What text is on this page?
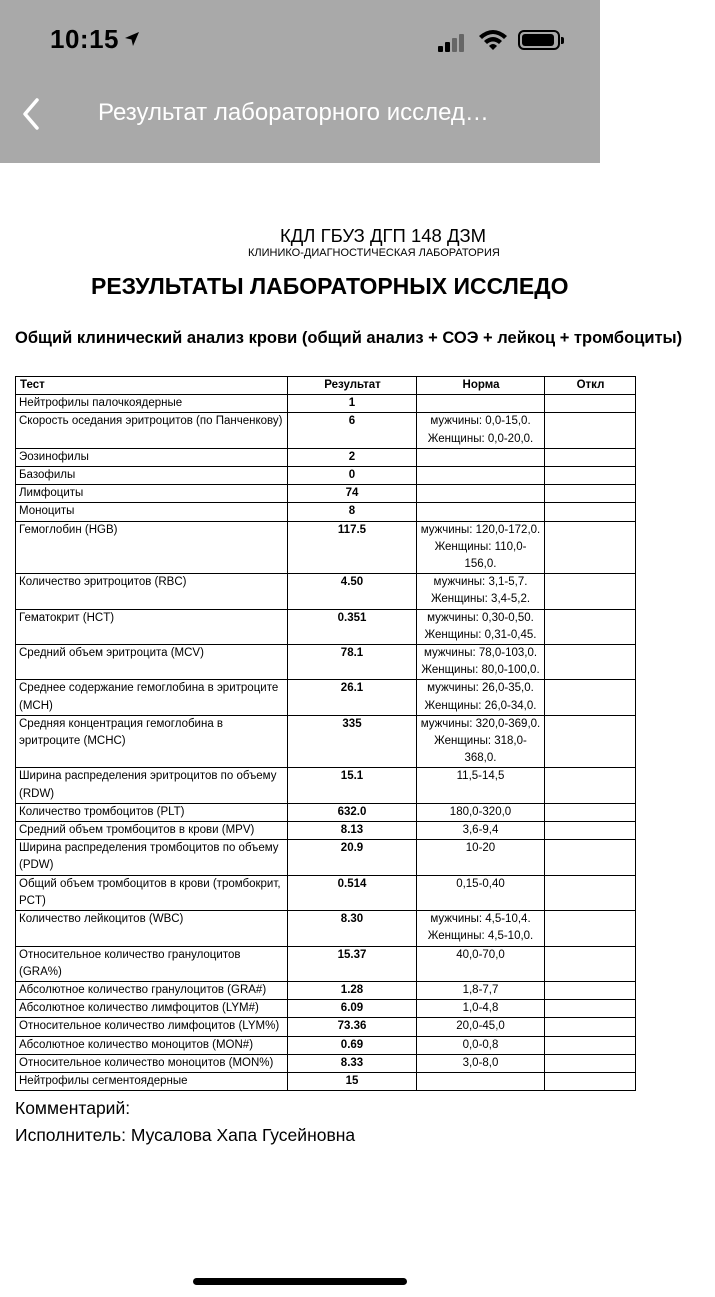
10:15
Результат лабораторного исслед…
КДЛ ГБУЗ ДГП 148 ДЗМ
КЛИНИКО-ДИАГНОСТИЧЕСКАЯ ЛАБОРАТОРИЯ
РЕЗУЛЬТАТЫ ЛАБОРАТОРНЫХ ИССЛЕДО
Общий клинический анализ крови (общий анализ + СОЭ + лейкоц + тромбоциты)
Тест	Результат	Норма	Откл
Нейтрофилы палочкоядерные	1		
Скорость оседания эритроцитов (по Панченкову)	6	мужчины: 0,0-15,0. Женщины: 0,0-20,0.	
Эозинофилы	2		
Базофилы	0		
Лимфоциты	74		
Моноциты	8		
Гемоглобин (HGB)	117.5	мужчины: 120,0-172,0. Женщины: 110,0-156,0.	
Количество эритроцитов (RBC)	4.50	мужчины: 3,1-5,7. Женщины: 3,4-5,2.	
Гематокрит (HCT)	0.351	мужчины: 0,30-0,50. Женщины: 0,31-0,45.	
Средний объем эритроцита (MCV)	78.1	мужчины: 78,0-103,0. Женщины: 80,0-100,0.	
Среднее содержание гемоглобина в эритроците (MCH)	26.1	мужчины: 26,0-35,0. Женщины: 26,0-34,0.	
Средняя концентрация гемоглобина в эритроците (MCHC)	335	мужчины: 320,0-369,0. Женщины: 318,0-368,0.	
Ширина распределения эритроцитов по объему (RDW)	15.1	11,5-14,5	
Количество тромбоцитов (PLT)	632.0	180,0-320,0	
Средний объем тромбоцитов в крови (MPV)	8.13	3,6-9,4	
Ширина распределения тромбоцитов по объему (PDW)	20.9	10-20	
Общий объем тромбоцитов в крови (тромбокрит, PCT)	0.514	0,15-0,40	
Количество лейкоцитов (WBC)	8.30	мужчины: 4,5-10,4. Женщины: 4,5-10,0.	
Относительное количество гранулоцитов (GRA%)	15.37	40,0-70,0	
Абсолютное количество гранулоцитов (GRA#)	1.28	1,8-7,7	
Абсолютное количество лимфоцитов (LYM#)	6.09	1,0-4,8	
Относительное количество лимфоцитов (LYM%)	73.36	20,0-45,0	
Абсолютное количество моноцитов (MON#)	0.69	0,0-0,8	
Относительное количество моноцитов (MON%)	8.33	3,0-8,0	
Нейтрофилы сегментоядерные	15		
Комментарий:
Исполнитель: Мусалова Хапа Гусейновна
